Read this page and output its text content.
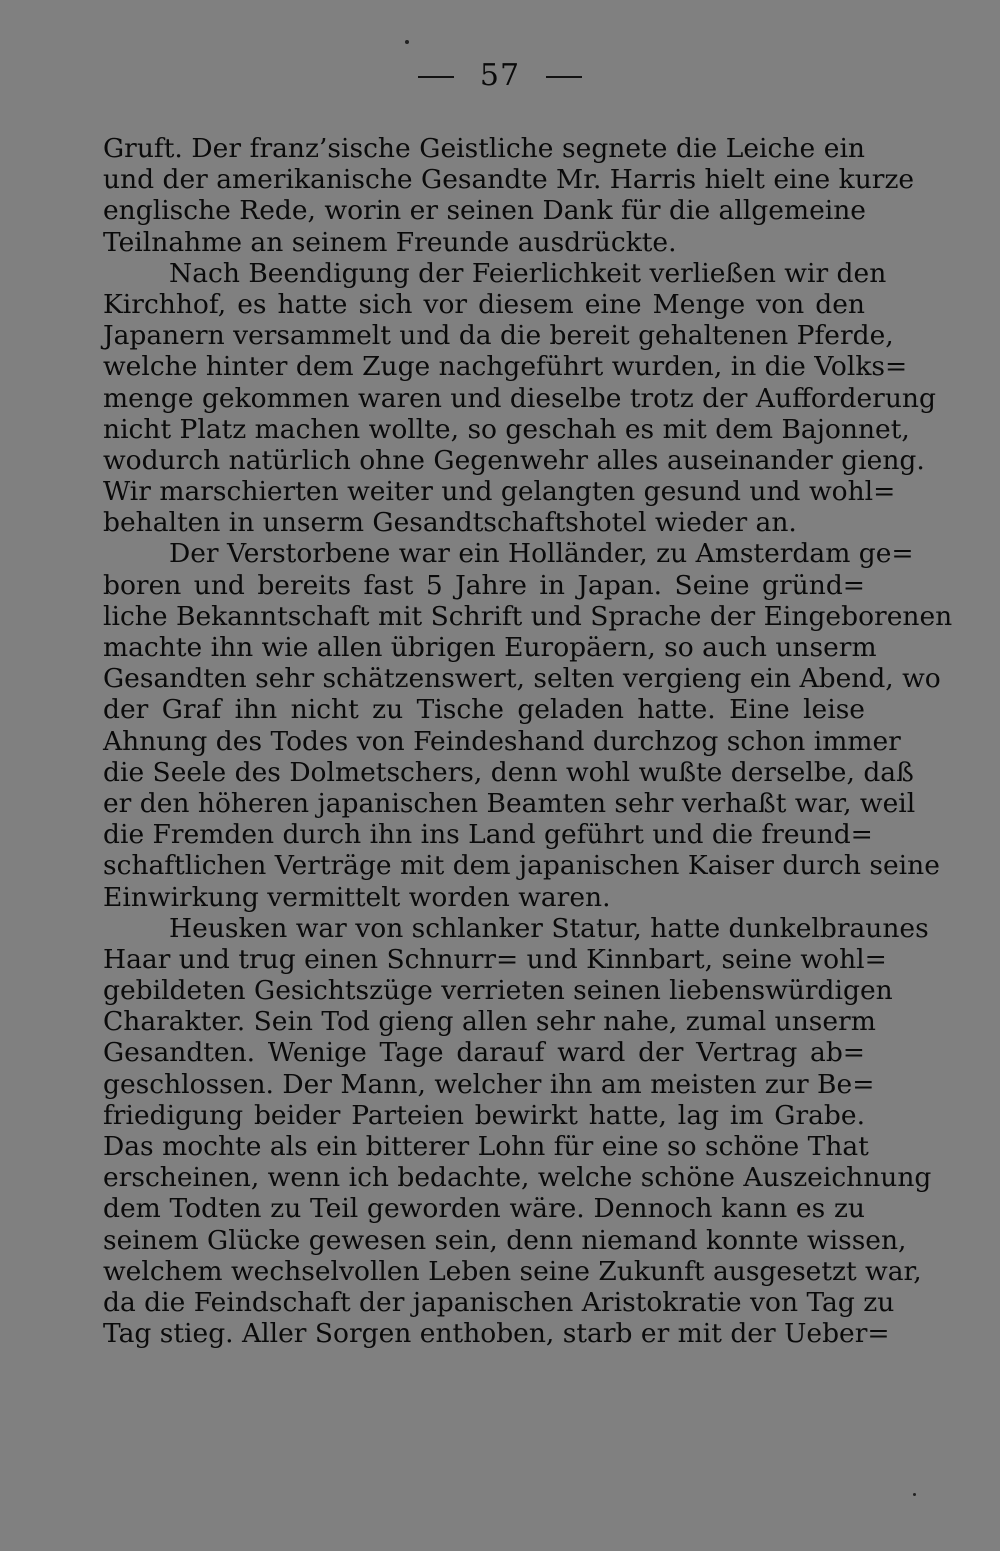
57
Gruft. Der franz’sische Geistliche segnete die Leiche ein
und der amerikanische Gesandte Mr. Harris hielt eine kurze
englische Rede, worin er seinen Dank für die allgemeine
Teilnahme an seinem Freunde ausdrückte.
Nach Beendigung der Feierlichkeit verließen wir den
Kirchhof, es hatte sich vor diesem eine Menge von den
Japanern versammelt und da die bereit gehaltenen Pferde,
welche hinter dem Zuge nachgeführt wurden, in die Volks=
menge gekommen waren und dieselbe trotz der Aufforderung
nicht Platz machen wollte, so geschah es mit dem Bajonnet,
wodurch natürlich ohne Gegenwehr alles auseinander gieng.
Wir marschierten weiter und gelangten gesund und wohl=
behalten in unserm Gesandtschaftshotel wieder an.
Der Verstorbene war ein Holländer, zu Amsterdam ge=
boren und bereits fast 5 Jahre in Japan. Seine gründ=
liche Bekanntschaft mit Schrift und Sprache der Eingeborenen
machte ihn wie allen übrigen Europäern, so auch unserm
Gesandten sehr schätzenswert, selten vergieng ein Abend, wo
der Graf ihn nicht zu Tische geladen hatte. Eine leise
Ahnung des Todes von Feindeshand durchzog schon immer
die Seele des Dolmetschers, denn wohl wußte derselbe, daß
er den höheren japanischen Beamten sehr verhaßt war, weil
die Fremden durch ihn ins Land geführt und die freund=
schaftlichen Verträge mit dem japanischen Kaiser durch seine
Einwirkung vermittelt worden waren.
Heusken war von schlanker Statur, hatte dunkelbraunes
Haar und trug einen Schnurr= und Kinnbart, seine wohl=
gebildeten Gesichtszüge verrieten seinen liebenswürdigen
Charakter. Sein Tod gieng allen sehr nahe, zumal unserm
Gesandten. Wenige Tage darauf ward der Vertrag ab=
geschlossen. Der Mann, welcher ihn am meisten zur Be=
friedigung beider Parteien bewirkt hatte, lag im Grabe.
Das mochte als ein bitterer Lohn für eine so schöne That
erscheinen, wenn ich bedachte, welche schöne Auszeichnung
dem Todten zu Teil geworden wäre. Dennoch kann es zu
seinem Glücke gewesen sein, denn niemand konnte wissen,
welchem wechselvollen Leben seine Zukunft ausgesetzt war,
da die Feindschaft der japanischen Aristokratie von Tag zu
Tag stieg. Aller Sorgen enthoben, starb er mit der Ueber=
